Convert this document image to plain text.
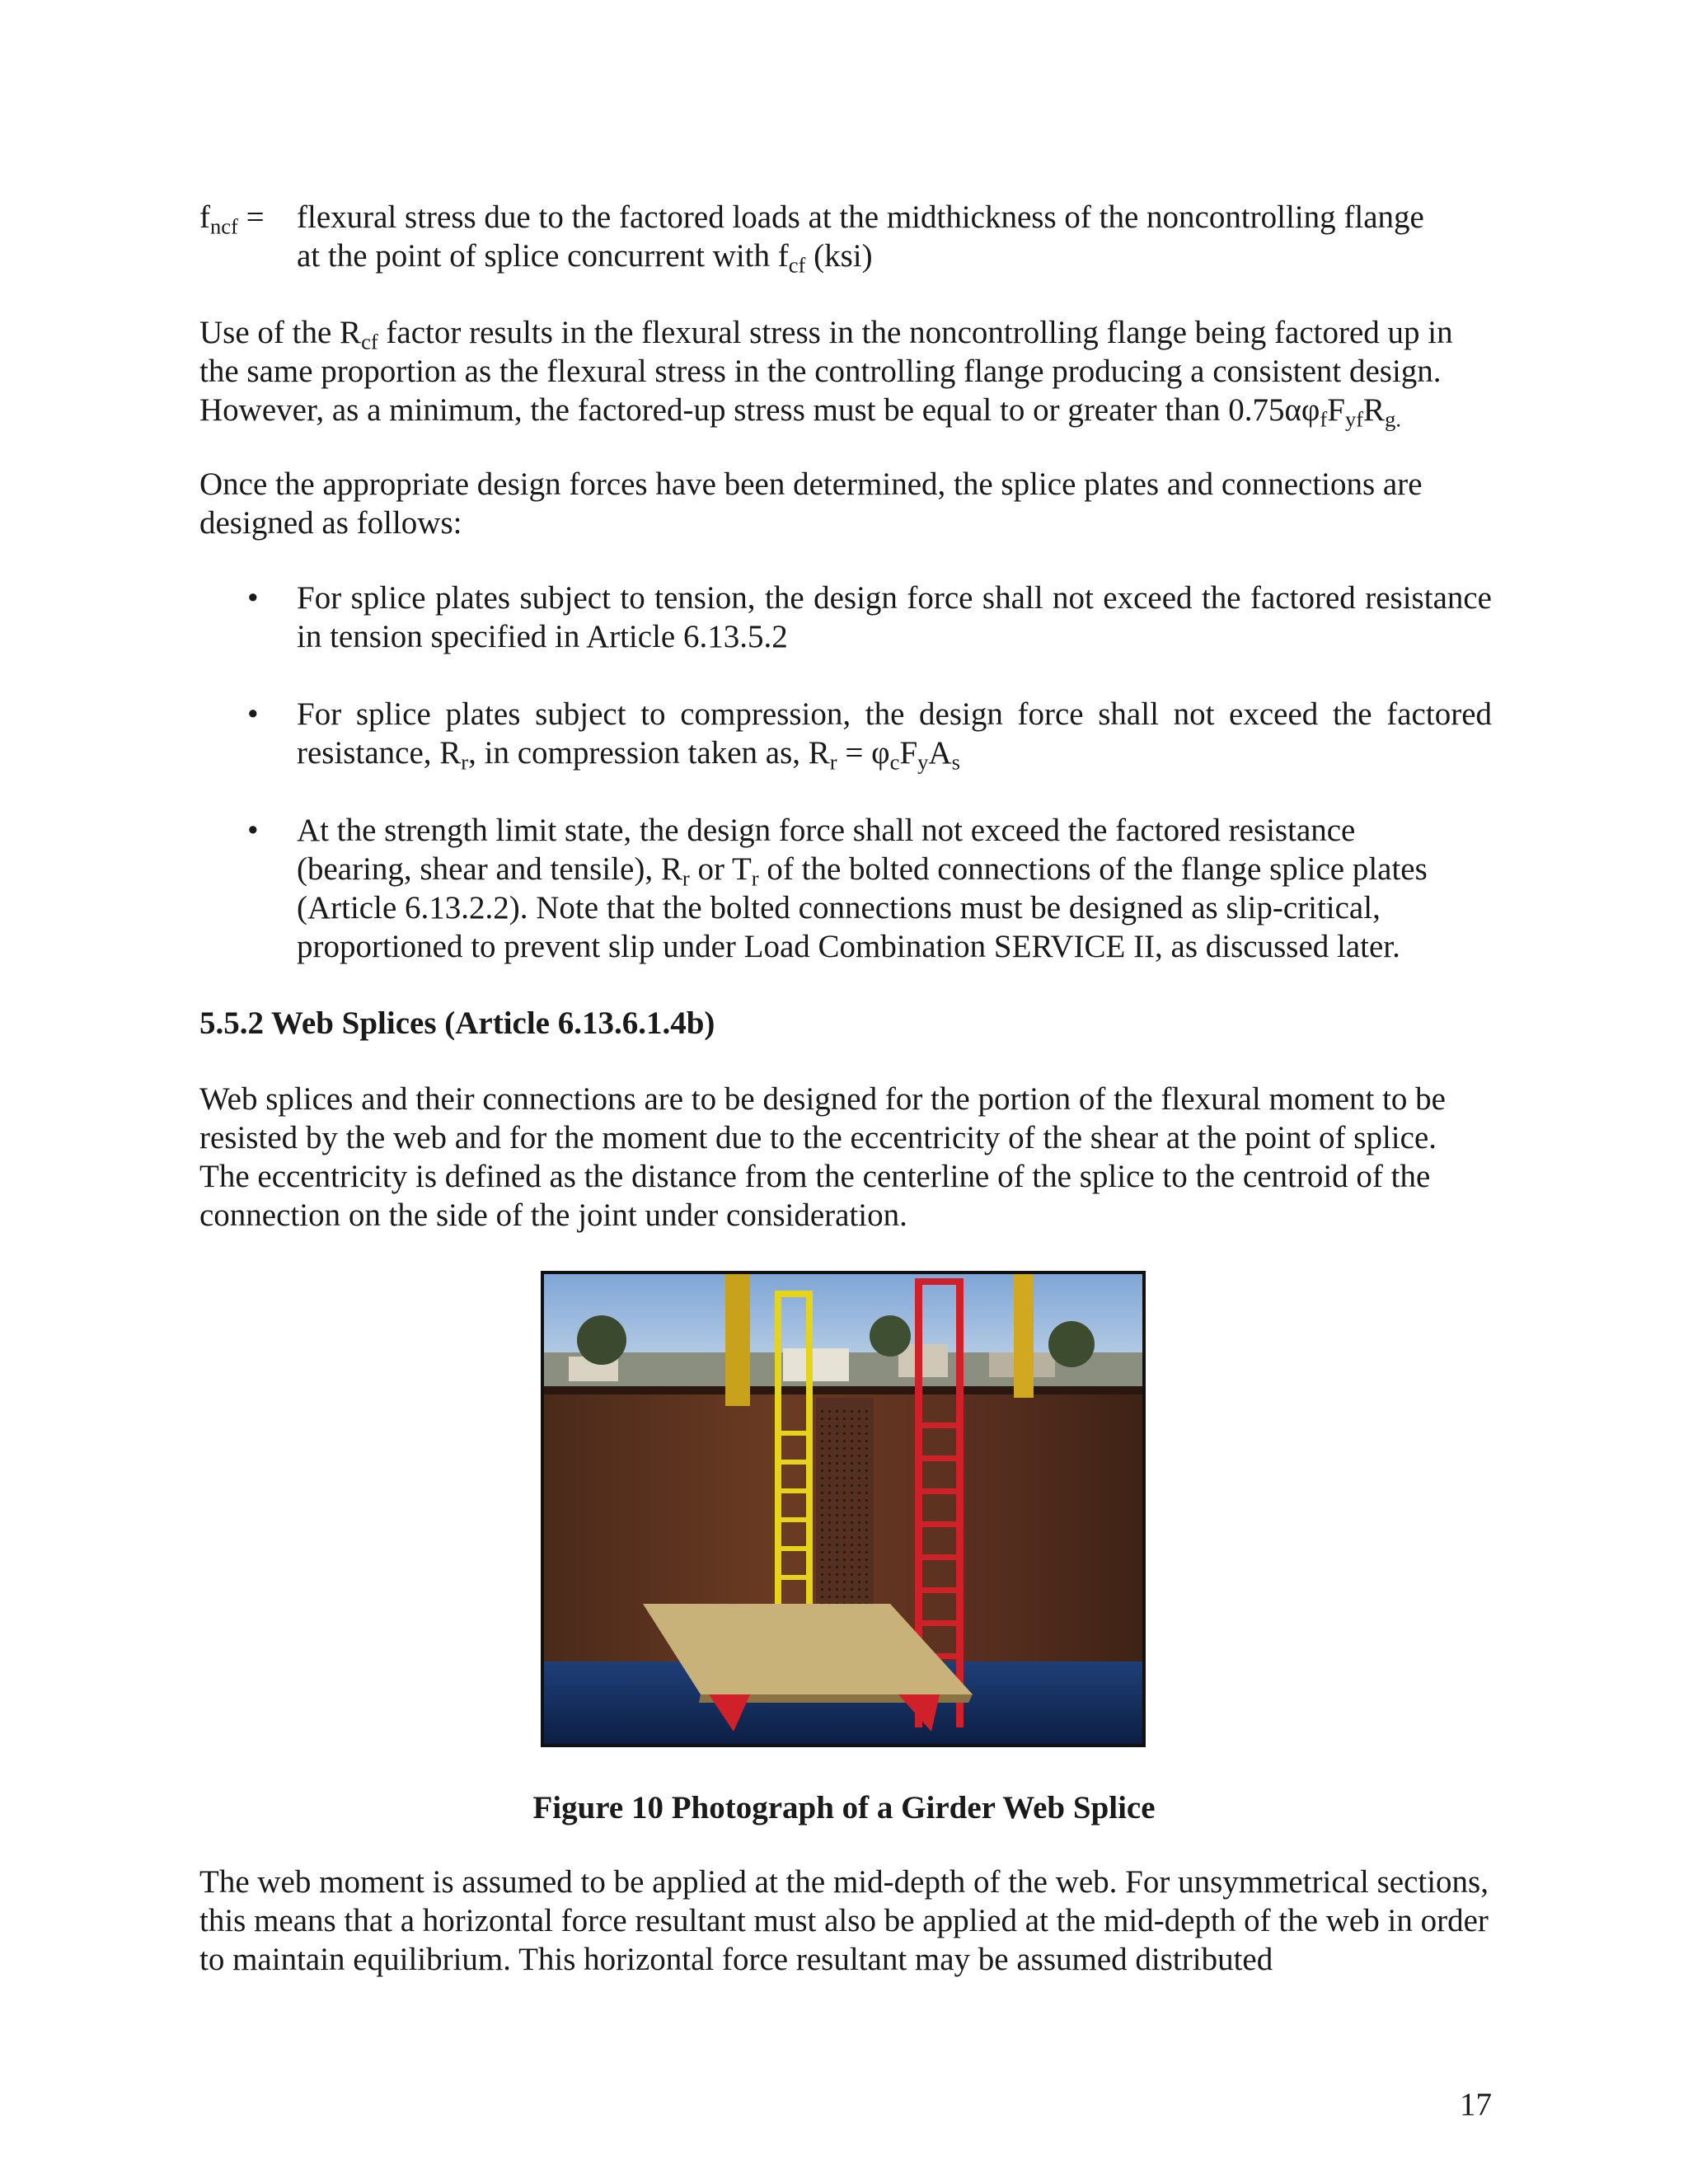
$f_{ncf}$ = flexural stress due to the factored loads at the midthickness of the noncontrolling flange
at the point of splice concurrent with $f_{cf}$ (ksi)
Use of the $R_{cf}$ factor results in the flexural stress in the noncontrolling flange being factored up in the same proportion as the flexural stress in the controlling flange producing a consistent design. However, as a minimum, the factored-up stress must be equal to or greater than $0.75\alpha\varphi_fF_{yf}R_{g.}$
Once the appropriate design forces have been determined, the splice plates and connections are designed as follows:
• For splice plates subject to tension, the design force shall not exceed the factored resistance in tension specified in Article 6.13.5.2
• For splice plates subject to compression, the design force shall not exceed the factored resistance, $R_r$, in compression taken as, $R_r = \varphi_cF_yA_s$
• At the strength limit state, the design force shall not exceed the factored resistance
(bearing, shear and tensile), $R_r$ or $T_r$ of the bolted connections of the flange splice plates
(Article 6.13.2.2). Note that the bolted connections must be designed as slip-critical,
proportioned to prevent slip under Load Combination SERVICE II, as discussed later.
5.5.2 Web Splices (Article 6.13.6.1.4b)
Web splices and their connections are to be designed for the portion of the flexural moment to be resisted by the web and for the moment due to the eccentricity of the shear at the point of splice. The eccentricity is defined as the distance from the centerline of the splice to the centroid of the connection on the side of the joint under consideration.
Figure 10 Photograph of a Girder Web Splice
The web moment is assumed to be applied at the mid-depth of the web. For unsymmetrical sections, this means that a horizontal force resultant must also be applied at the mid-depth of the web in order to maintain equilibrium. This horizontal force resultant may be assumed distributed
17
